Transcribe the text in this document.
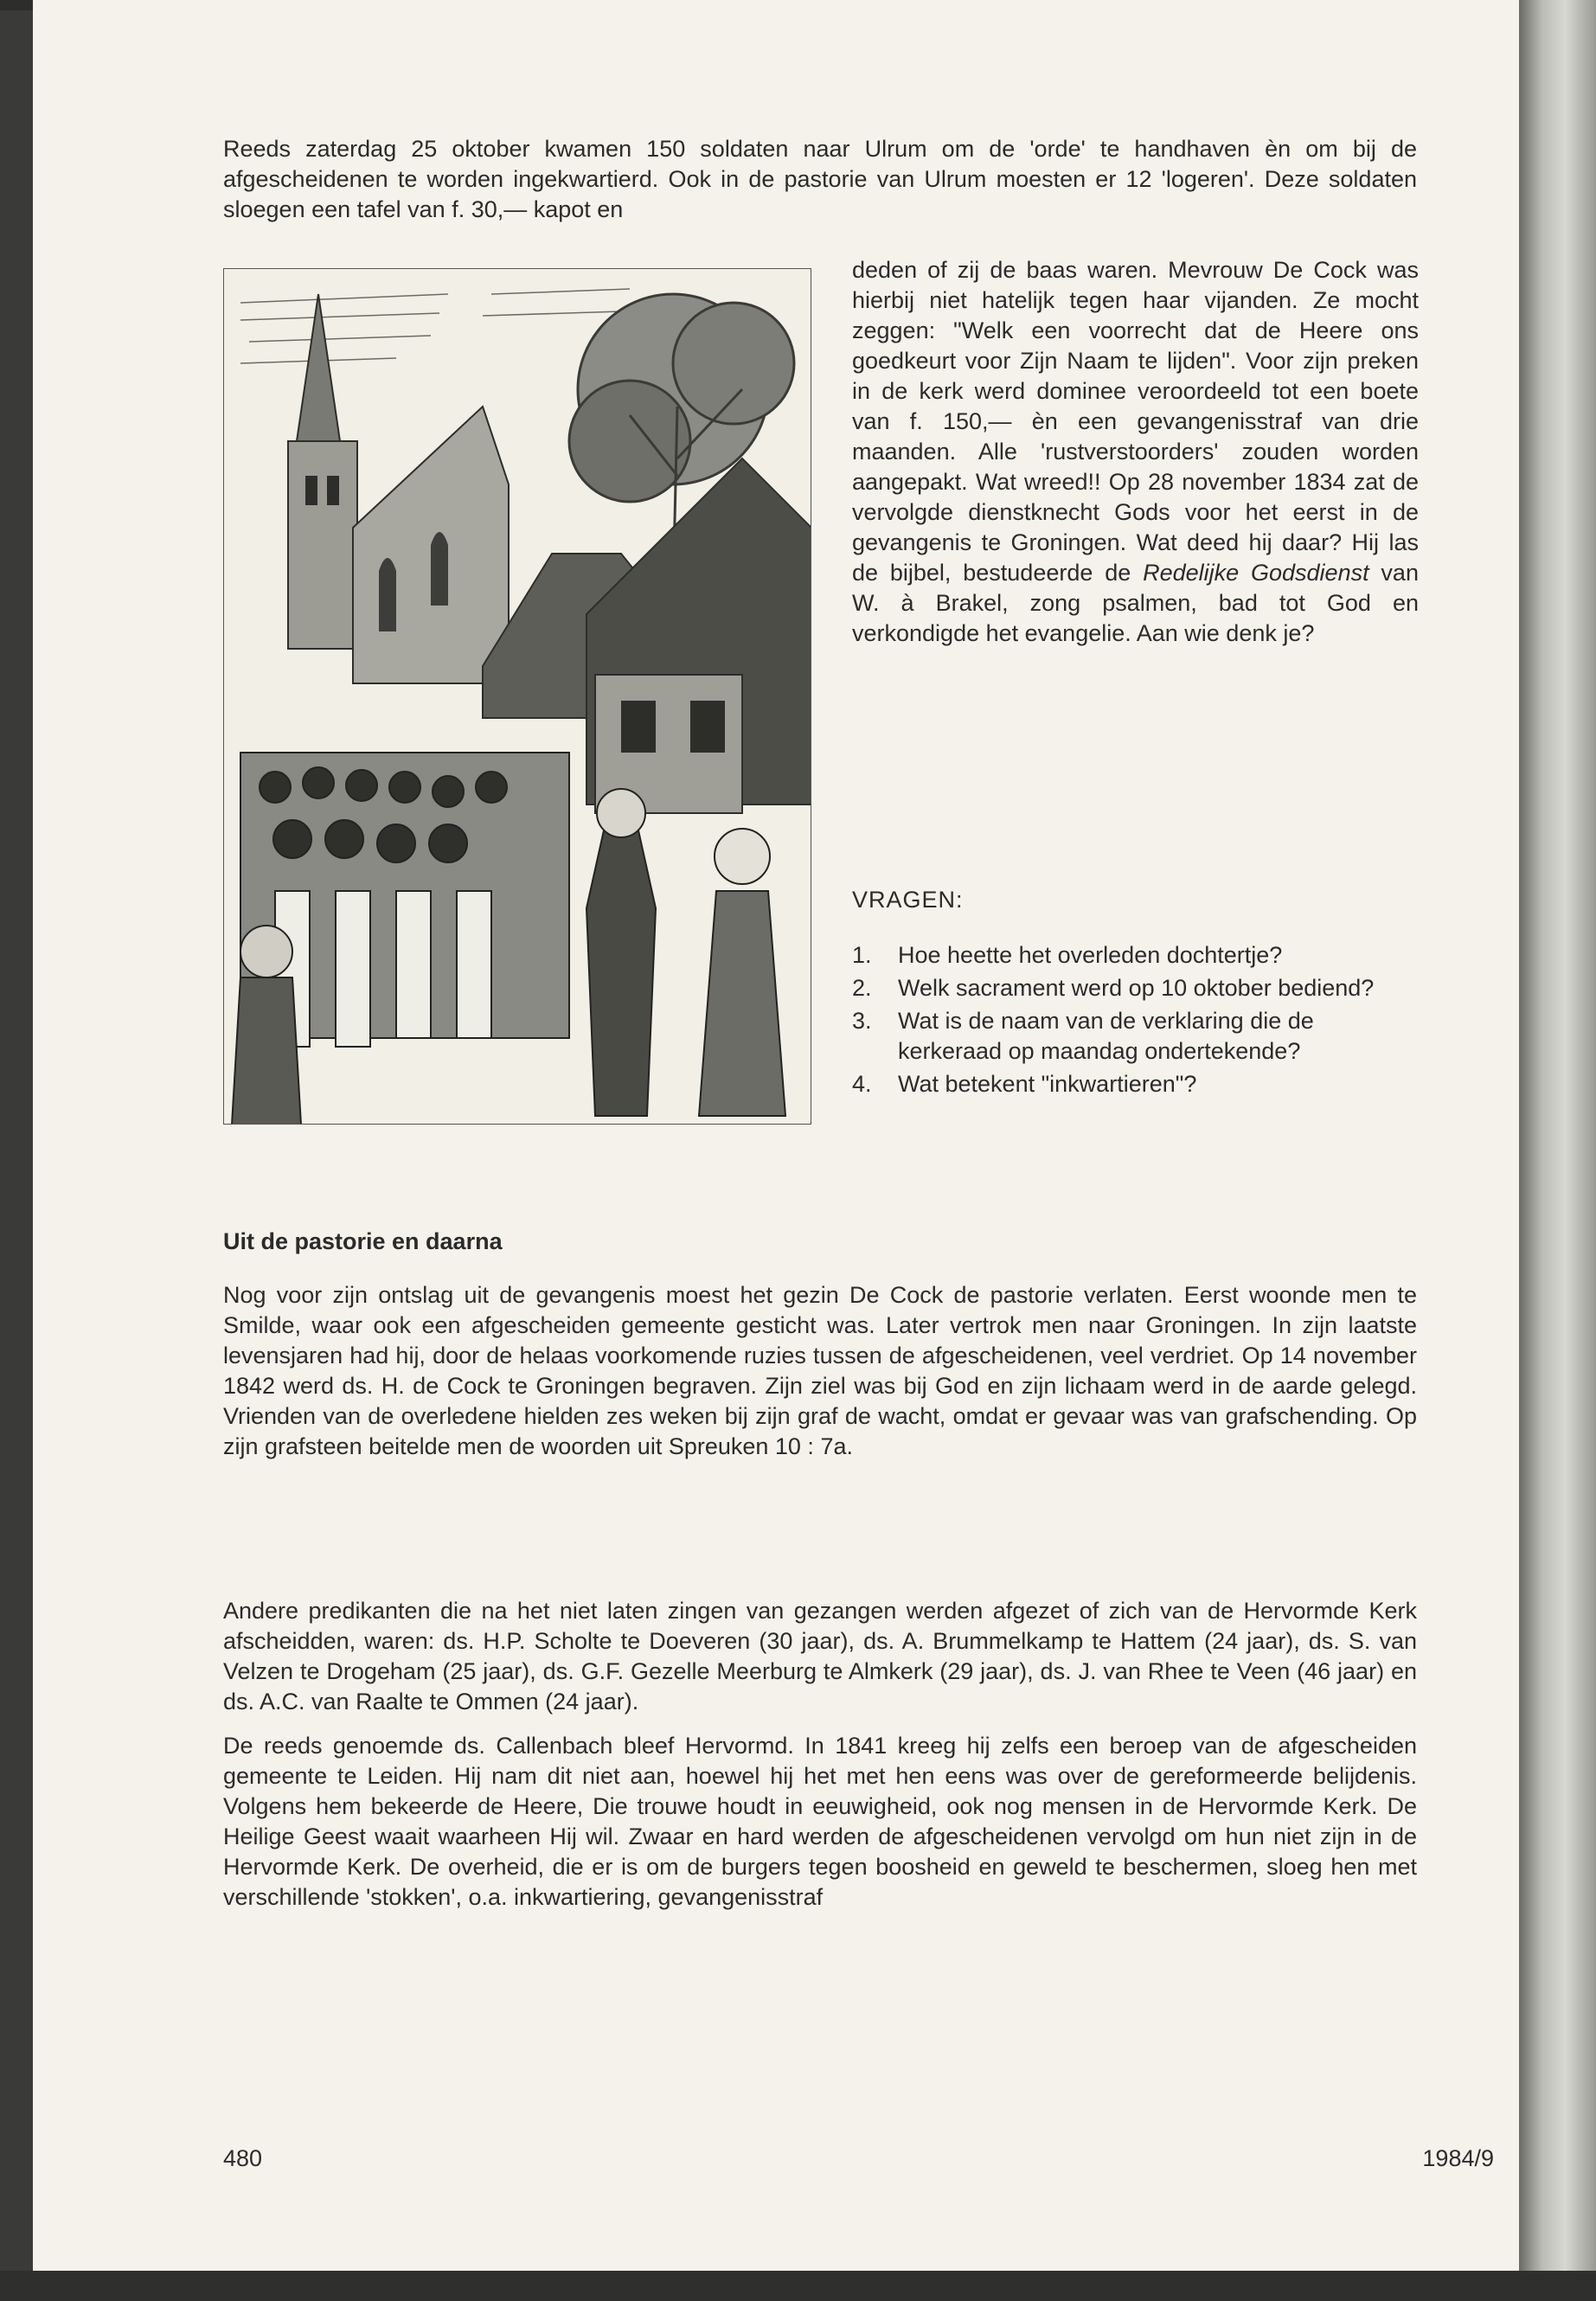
Reeds zaterdag 25 oktober kwamen 150 soldaten naar Ulrum om de 'orde' te handhaven èn om bij de afgescheidenen te worden ingekwartierd. Ook in de pastorie van Ulrum moesten er 12 'logeren'. Deze soldaten sloegen een tafel van f. 30,— kapot en

deden of zij de baas waren. Mevrouw De Cock was hierbij niet hatelijk tegen haar vijanden. Ze mocht zeggen: "Welk een voorrecht dat de Heere ons goedkeurt voor Zijn Naam te lijden". Voor zijn preken in de kerk werd dominee veroordeeld tot een boete van f. 150,— èn een gevangenisstraf van drie maanden. Alle 'rustverstoorders' zouden worden aangepakt. Wat wreed!! Op 28 november 1834 zat de vervolgde dienstknecht Gods voor het eerst in de gevangenis te Groningen. Wat deed hij daar? Hij las de bijbel, bestudeerde de Redelijke Godsdienst van W. à Brakel, zong psalmen, bad tot God en verkondigde het evangelie. Aan wie denk je?

VRAGEN:

1. Hoe heette het overleden dochtertje?
2. Welk sacrament werd op 10 oktober bediend?
3. Wat is de naam van de verklaring die de kerkeraad op maandag ondertekende?
4. Wat betekent "inkwartieren"?
Uit de pastorie en daarna

Nog voor zijn ontslag uit de gevangenis moest het gezin De Cock de pastorie verlaten. Eerst woonde men te Smilde, waar ook een afgescheiden gemeente gesticht was. Later vertrok men naar Groningen. In zijn laatste levensjaren had hij, door de helaas voorkomende ruzies tussen de afgescheidenen, veel verdriet. Op 14 november 1842 werd ds. H. de Cock te Groningen begraven. Zijn ziel was bij God en zijn lichaam werd in de aarde gelegd. Vrienden van de overledene hielden zes weken bij zijn graf de wacht, omdat er gevaar was van grafschending. Op zijn grafsteen beitelde men de woorden uit Spreuken 10 : 7a.

Andere predikanten die na het niet laten zingen van gezangen werden afgezet of zich van de Hervormde Kerk afscheidden, waren: ds. H.P. Scholte te Doeveren (30 jaar), ds. A. Brummelkamp te Hattem (24 jaar), ds. S. van Velzen te Drogeham (25 jaar), ds. G.F. Gezelle Meerburg te Almkerk (29 jaar), ds. J. van Rhee te Veen (46 jaar) en ds. A.C. van Raalte te Ommen (24 jaar).

De reeds genoemde ds. Callenbach bleef Hervormd. In 1841 kreeg hij zelfs een beroep van de afgescheiden gemeente te Leiden. Hij nam dit niet aan, hoewel hij het met hen eens was over de gereformeerde belijdenis. Volgens hem bekeerde de Heere, Die trouwe houdt in eeuwigheid, ook nog mensen in de Hervormde Kerk. De Heilige Geest waait waarheen Hij wil. Zwaar en hard werden de afgescheidenen vervolgd om hun niet zijn in de Hervormde Kerk. De overheid, die er is om de burgers tegen boosheid en geweld te beschermen, sloeg hen met verschillende 'stokken', o.a. inkwartiering, gevangenisstraf

480	1984/9
